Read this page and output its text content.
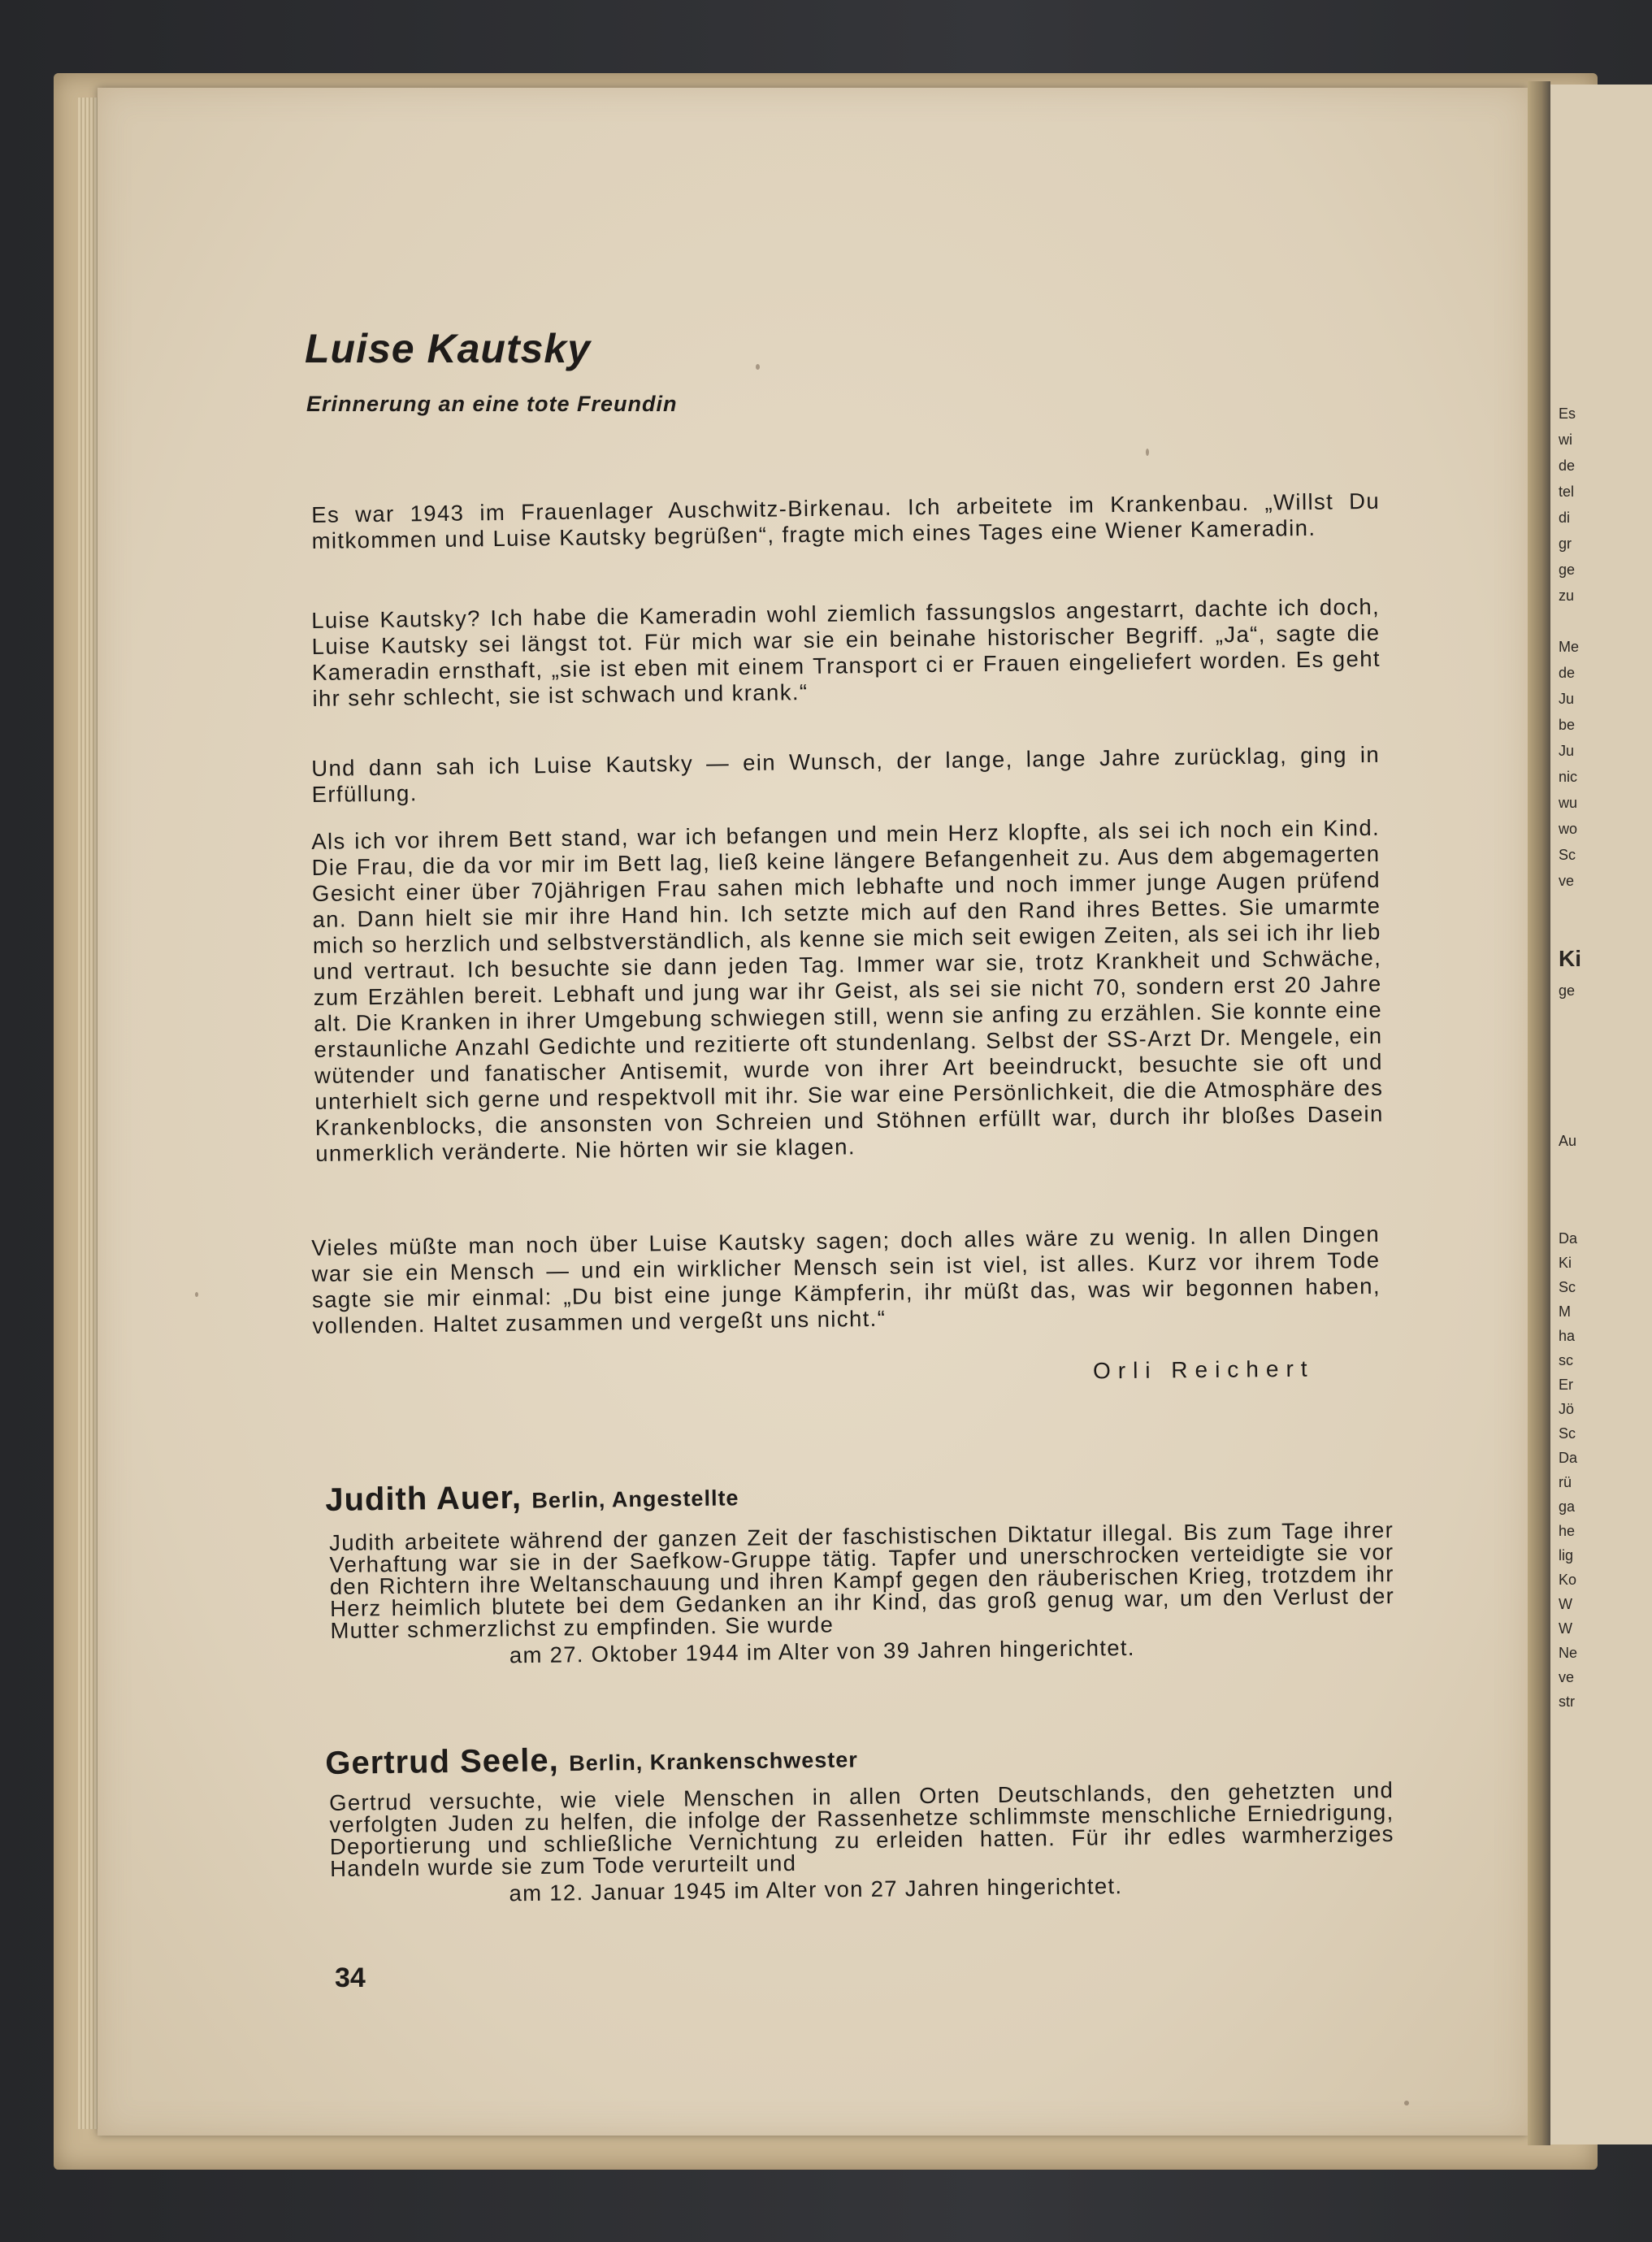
Es
wi
de
tel
di
gr
ge
zu
Me
de
Ju
be
Ju
nic
wu
wo
Sc
ve
Ki
ge
Au
Da
Ki
Sc
M
ha
sc
Er
Jö
Sc
Da
rü
ga
he
lig
Ko
W
W
Ne
ve
str
Luise Kautsky
Erinnerung an eine tote Freundin

Es war 1943 im Frauenlager Auschwitz-Birkenau. Ich arbeitete im Krankenbau. „Willst Du mitkommen und Luise Kautsky begrüßen“, fragte mich eines Tages eine Wiener Kameradin.

Luise Kautsky? Ich habe die Kameradin wohl ziemlich fassungslos angestarrt, dachte ich doch, Luise Kautsky sei längst tot. Für mich war sie ein beinahe historischer Begriff. „Ja“, sagte die Kameradin ernsthaft, „sie ist eben mit einem Transport ci er Frauen eingeliefert worden. Es geht ihr sehr schlecht, sie ist schwach und krank.“

Und dann sah ich Luise Kautsky — ein Wunsch, der lange, lange Jahre zurücklag, ging in Erfüllung.

Als ich vor ihrem Bett stand, war ich befangen und mein Herz klopfte, als sei ich noch ein Kind. Die Frau, die da vor mir im Bett lag, ließ keine längere Befangenheit zu. Aus dem abgemagerten Gesicht einer über 70jährigen Frau sahen mich lebhafte und noch immer junge Augen prüfend an. Dann hielt sie mir ihre Hand hin. Ich setzte mich auf den Rand ihres Bettes. Sie umarmte mich so herzlich und selbstverständlich, als kenne sie mich seit ewigen Zeiten, als sei ich ihr lieb und vertraut. Ich besuchte sie dann jeden Tag. Immer war sie, trotz Krankheit und Schwäche, zum Erzählen bereit. Lebhaft und jung war ihr Geist, als sei sie nicht 70, sondern erst 20 Jahre alt. Die Kranken in ihrer Umgebung schwiegen still, wenn sie anfing zu erzählen. Sie konnte eine erstaunliche Anzahl Gedichte und rezitierte oft stundenlang. Selbst der SS-Arzt Dr. Mengele, ein wütender und fanatischer Antisemit, wurde von ihrer Art beeindruckt, besuchte sie oft und unterhielt sich gerne und respektvoll mit ihr. Sie war eine Persönlichkeit, die die Atmosphäre des Krankenblocks, die ansonsten von Schreien und Stöhnen erfüllt war, durch ihr bloßes Dasein unmerklich veränderte. Nie hörten wir sie klagen.

Vieles müßte man noch über Luise Kautsky sagen; doch alles wäre zu wenig. In allen Dingen war sie ein Mensch — und ein wirklicher Mensch sein ist viel, ist alles. Kurz vor ihrem Tode sagte sie mir einmal: „Du bist eine junge Kämpferin, ihr müßt das, was wir begonnen haben, vollenden. Haltet zusammen und vergeßt uns nicht.“

Orli Reichert

Judith Auer, Berlin, Angestellte

Judith arbeitete während der ganzen Zeit der faschistischen Diktatur illegal. Bis zum Tage ihrer Verhaftung war sie in der Saefkow-Gruppe tätig. Tapfer und unerschrocken verteidigte sie vor den Richtern ihre Weltanschauung und ihren Kampf gegen den räuberischen Krieg, trotzdem ihr Herz heimlich blutete bei dem Gedanken an ihr Kind, das groß genug war, um den Verlust der Mutter schmerzlichst zu empfinden. Sie wurde

am 27. Oktober 1944 im Alter von 39 Jahren hingerichtet.

Gertrud Seele, Berlin, Krankenschwester

Gertrud versuchte, wie viele Menschen in allen Orten Deutschlands, den gehetzten und verfolgten Juden zu helfen, die infolge der Rassenhetze schlimmste menschliche Erniedrigung, Deportierung und schließliche Vernichtung zu erleiden hatten. Für ihr edles warmherziges Handeln wurde sie zum Tode verurteilt und

am 12. Januar 1945 im Alter von 27 Jahren hingerichtet.

34
